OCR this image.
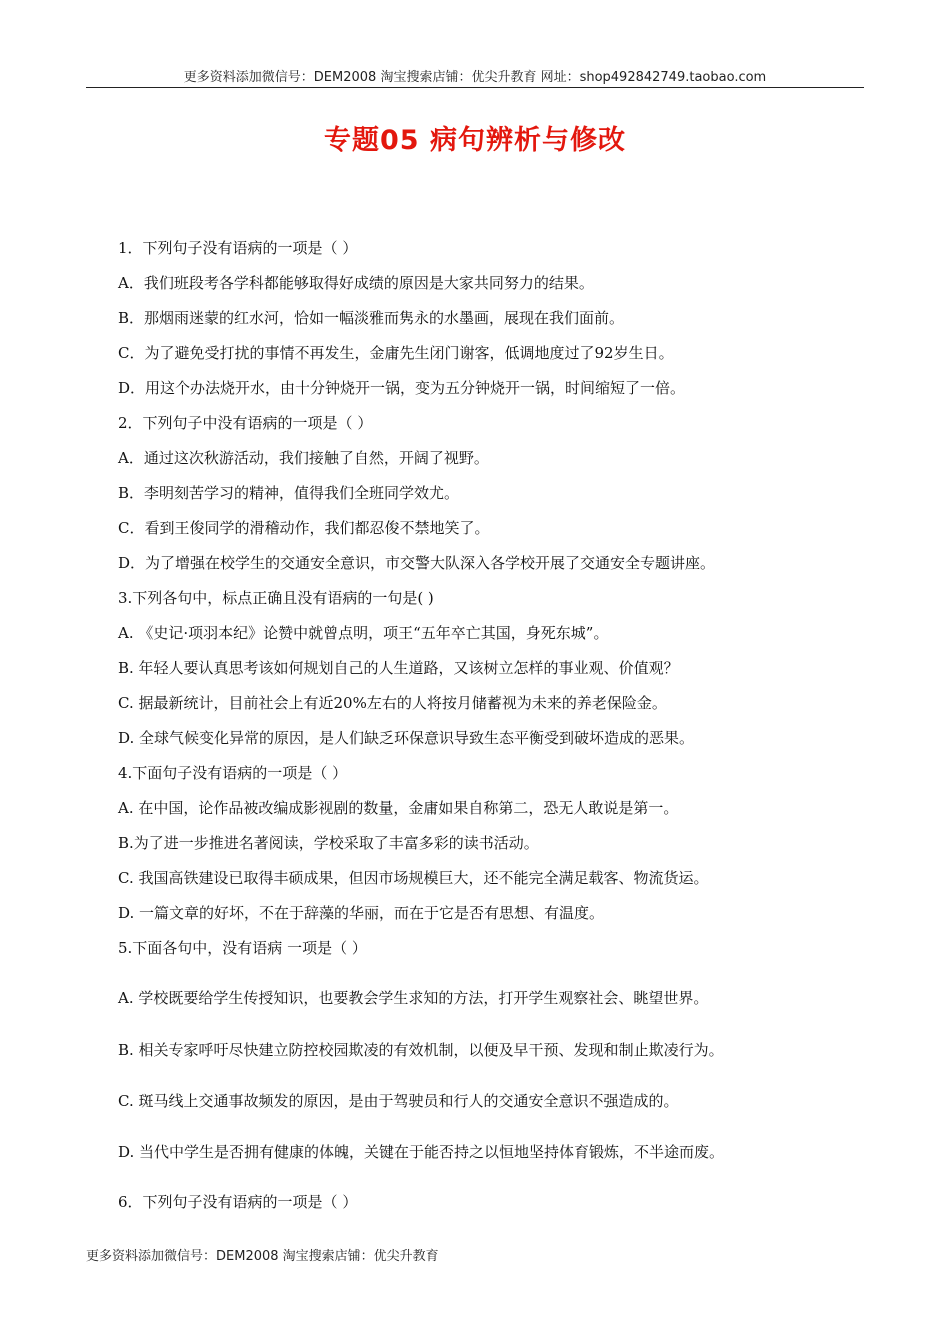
更多资料添加微信号：DEM2008 淘宝搜索店铺：优尖升教育 网址：shop492842749.taobao.com
专题05 病句辨析与修改
1．下列句子没有语病的一项是（ ）
A．我们班段考各学科都能够取得好成绩的原因是大家共同努力的结果。
B．那烟雨迷蒙的红水河，恰如一幅淡雅而隽永的水墨画，展现在我们面前。
C．为了避免受打扰的事情不再发生，金庸先生闭门谢客，低调地度过了92岁生日。
D．用这个办法烧开水，由十分钟烧开一锅，变为五分钟烧开一锅，时间缩短了一倍。
2．下列句子中没有语病的一项是（ ）
A．通过这次秋游活动，我们接触了自然，开阔了视野。
B．李明刻苦学习的精神，值得我们全班同学效尤。
C．看到王俊同学的滑稽动作，我们都忍俊不禁地笑了。
D．为了增强在校学生的交通安全意识，市交警大队深入各学校开展了交通安全专题讲座。
3.下列各句中，标点正确且没有语病的一句是( )
A. 《史记·项羽本纪》论赞中就曾点明，项王“五年卒亡其国，身死东城”。
B. 年轻人要认真思考该如何规划自己的人生道路，又该树立怎样的事业观、价值观？
C. 据最新统计，目前社会上有近20%左右的人将按月储蓄视为未来的养老保险金。
D. 全球气候变化异常的原因，是人们缺乏环保意识导致生态平衡受到破坏造成的恶果。
4.下面句子没有语病的一项是（ ）
A. 在中国，论作品被改编成影视剧的数量，金庸如果自称第二，恐无人敢说是第一。
B.为了进一步推进名著阅读，学校采取了丰富多彩的读书活动。
C. 我国高铁建设已取得丰硕成果，但因市场规模巨大，还不能完全满足载客、物流货运。
D. 一篇文章的好坏，不在于辞藻的华丽，而在于它是否有思想、有温度。
5.下面各句中，没有语病 一项是（ ）
A. 学校既要给学生传授知识，也要教会学生求知的方法，打开学生观察社会、眺望世界。
B. 相关专家呼吁尽快建立防控校园欺凌的有效机制，以便及早干预、发现和制止欺凌行为。
C. 斑马线上交通事故频发的原因，是由于驾驶员和行人的交通安全意识不强造成的。
D. 当代中学生是否拥有健康的体魄，关键在于能否持之以恒地坚持体育锻炼，不半途而废。
6．下列句子没有语病的一项是（ ）
更多资料添加微信号：DEM2008 淘宝搜索店铺：优尖升教育
